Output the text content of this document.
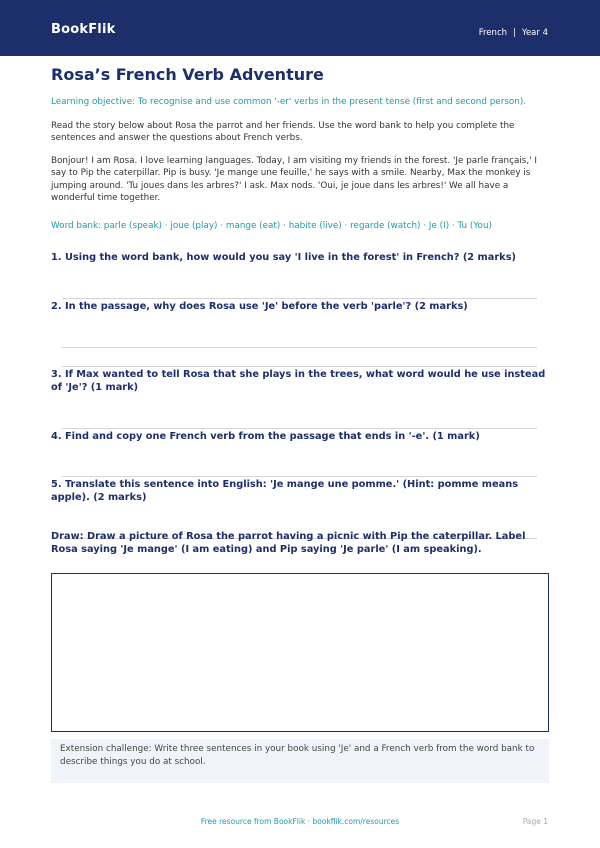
BookFlik	French | Year 4
Rosa’s French Verb Adventure
Learning objective: To recognise and use common '-er' verbs in the present tense (first and second person).
Read the story below about Rosa the parrot and her friends. Use the word bank to help you complete the sentences and answer the questions about French verbs.
Bonjour! I am Rosa. I love learning languages. Today, I am visiting my friends in the forest. 'Je parle français,' I say to Pip the caterpillar. Pip is busy. 'Je mange une feuille,' he says with a smile. Nearby, Max the monkey is jumping around. 'Tu joues dans les arbres?' I ask. Max nods. 'Oui, je joue dans les arbres!' We all have a wonderful time together.
Word bank: parle (speak) · joue (play) · mange (eat) · habite (live) · regarde (watch) · Je (I) · Tu (You)
1. Using the word bank, how would you say 'I live in the forest' in French? (2 marks)
2. In the passage, why does Rosa use 'Je' before the verb 'parle'? (2 marks)
3. If Max wanted to tell Rosa that she plays in the trees, what word would he use instead of 'Je'? (1 mark)
4. Find and copy one French verb from the passage that ends in '-e'. (1 mark)
5. Translate this sentence into English: 'Je mange une pomme.' (Hint: pomme means apple). (2 marks)
Draw: Draw a picture of Rosa the parrot having a picnic with Pip the caterpillar. Label Rosa saying 'Je mange' (I am eating) and Pip saying 'Je parle' (I am speaking).
Extension challenge: Write three sentences in your book using 'Je' and a French verb from the word bank to describe things you do at school.
Free resource from BookFlik · bookflik.com/resources	Page 1
